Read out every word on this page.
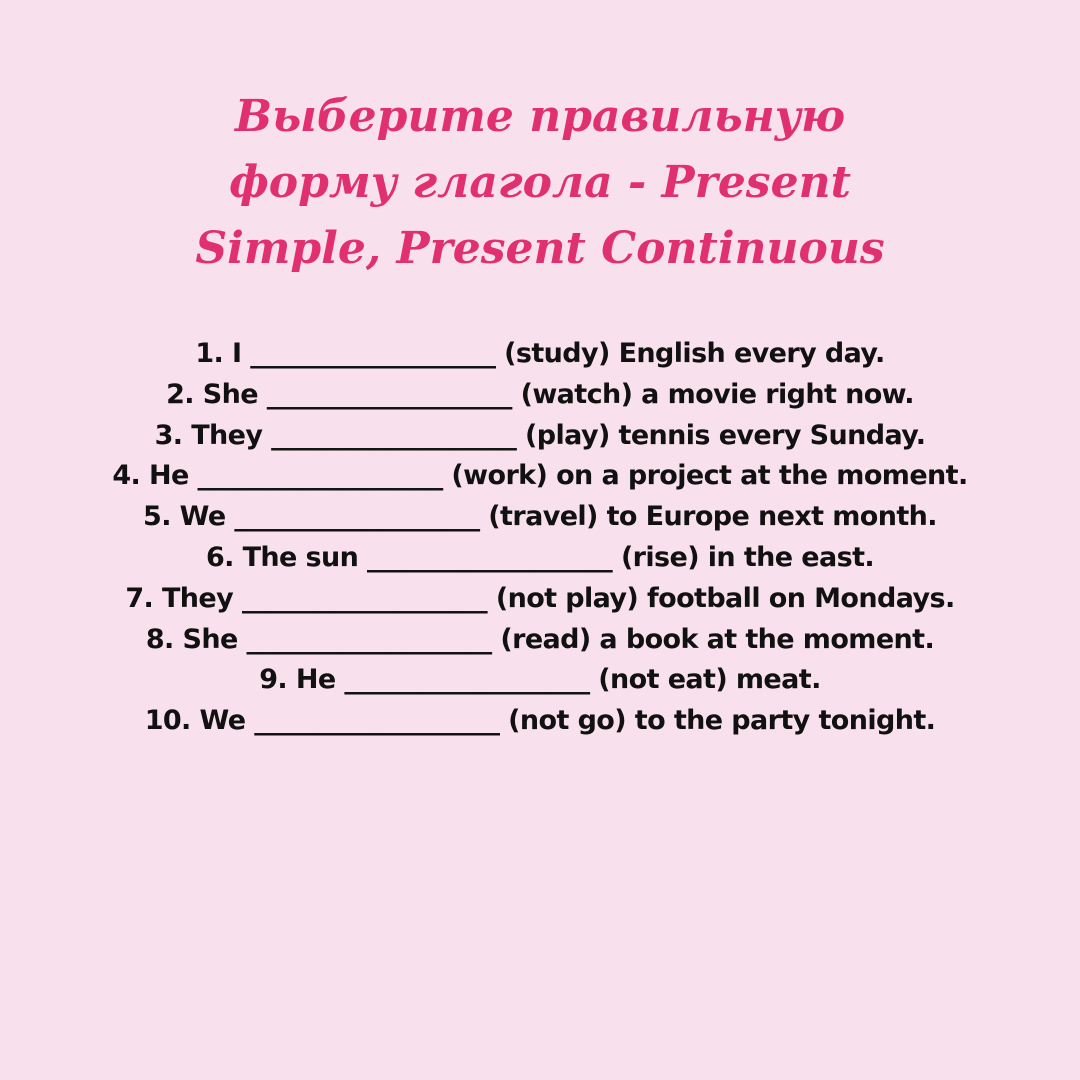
Выберите правильную
форму глагола - Present
Simple, Present Continuous
1. I ___________________ (study) English every day.
2. She ___________________ (watch) a movie right now.
3. They ___________________ (play) tennis every Sunday.
4. He ___________________ (work) on a project at the moment.
5. We ___________________ (travel) to Europe next month.
6. The sun ___________________ (rise) in the east.
7. They ___________________ (not play) football on Mondays.
8. She ___________________ (read) a book at the moment.
9. He ___________________ (not eat) meat.
10. We ___________________ (not go) to the party tonight.
